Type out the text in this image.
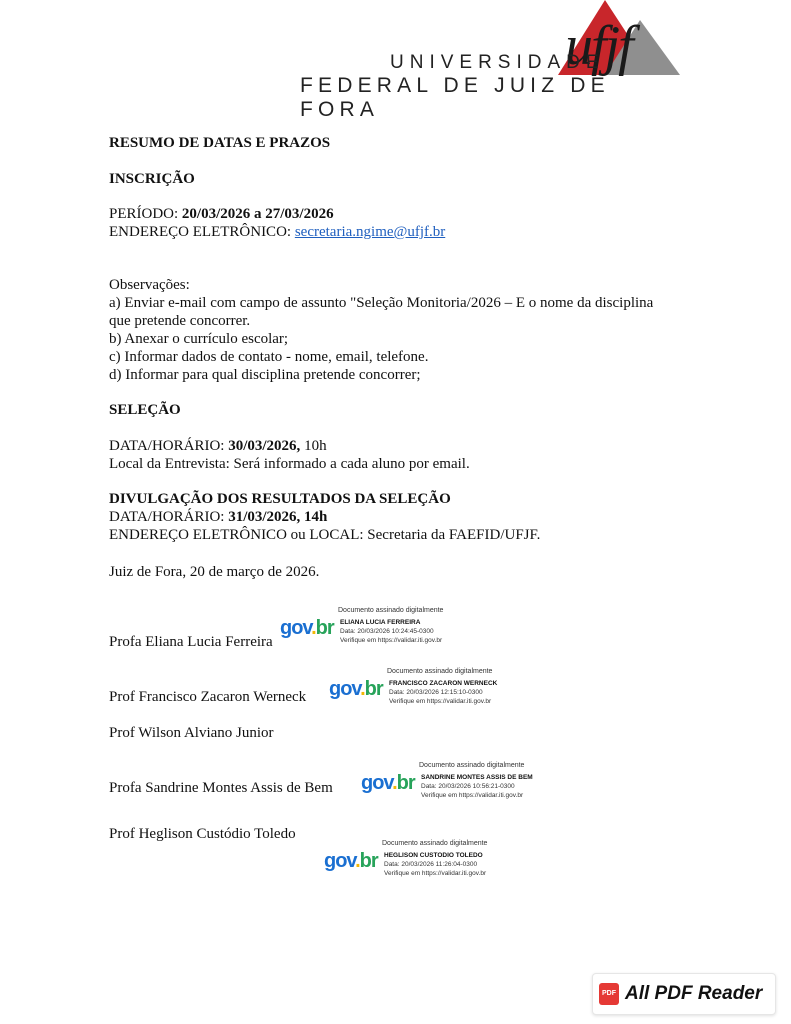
ufjf
UNIVERSIDADE
FEDERAL DE JUIZ DE FORA
RESUMO DE DATAS E PRAZOS
INSCRIÇÃO
PERÍODO: 20/03/2026 a 27/03/2026
ENDEREÇO ELETRÔNICO: secretaria.ngime@ufjf.br
Observações:
a) Enviar e-mail com campo de assunto "Seleção Monitoria/2026 – E o nome da disciplina
que pretende concorrer.
b) Anexar o currículo escolar;
c) Informar dados de contato - nome, email, telefone.
d) Informar para qual disciplina pretende concorrer;
SELEÇÃO
DATA/HORÁRIO: 30/03/2026, 10h
Local da Entrevista: Será informado a cada aluno por email.
DIVULGAÇÃO DOS RESULTADOS DA SELEÇÃO
DATA/HORÁRIO: 31/03/2026, 14h
ENDEREÇO ELETRÔNICO ou LOCAL: Secretaria da FAEFID/UFJF.
Juiz de Fora, 20 de março de 2026.
Profa Eliana Lucia Ferreira
Documento assinado digitalmente
gov.br ELIANA LUCIA FERREIRA
Data: 20/03/2026 10:24:45-0300
Verifique em https://validar.iti.gov.br
Prof Francisco Zacaron Werneck
Documento assinado digitalmente
gov.br FRANCISCO ZACARON WERNECK
Data: 20/03/2026 12:15:10-0300
Verifique em https://validar.iti.gov.br
Prof Wilson Alviano Junior
Profa Sandrine Montes Assis de Bem
Documento assinado digitalmente
gov.br SANDRINE MONTES ASSIS DE BEM
Data: 20/03/2026 10:56:21-0300
Verifique em https://validar.iti.gov.br
Prof Heglison Custódio Toledo
Documento assinado digitalmente
gov.br HEGLISON CUSTODIO TOLEDO
Data: 20/03/2026 11:26:04-0300
Verifique em https://validar.iti.gov.br
PDF All PDF Reader
